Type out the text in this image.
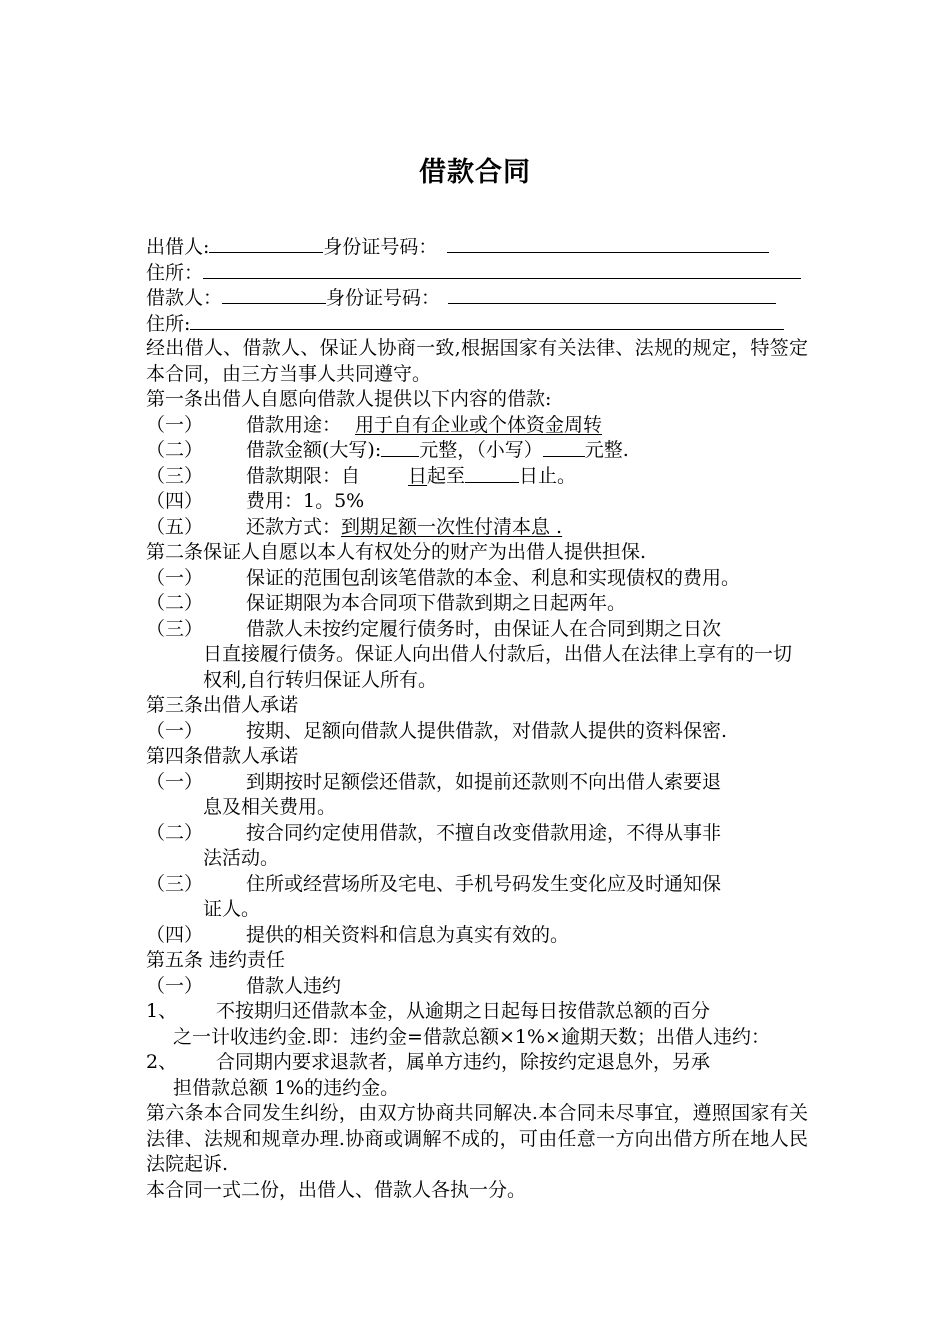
借款合同
出借人:	身份证号码：
住所：
借款人：	身份证号码：
住所:
经出借人、借款人、保证人协商一致,根据国家有关法律、法规的规定，特签定本合同，由三方当事人共同遵守。
第一条出借人自愿向借款人提供以下内容的借款:
（一）	借款用途： 用于自有企业或个体资金周转
（二）	借款金额(大写): 元整，（小写） 元整.
（三）	借款期限：自	日 起至	日止。
（四）	费用：1。5%
（五）	还款方式： 到期足额一次性付清本息 .
第二条保证人自愿以本人有权处分的财产为出借人提供担保.
（一）	保证的范围包刮该笔借款的本金、利息和实现债权的费用。
（二）	保证期限为本合同项下借款到期之日起两年。
（三）	借款人未按约定履行债务时，由保证人在合同到期之日次
日直接履行债务。保证人向出借人付款后，出借人在法律上享有的一切权利,自行转归保证人所有。
第三条出借人承诺
（一）	按期、足额向借款人提供借款，对借款人提供的资料保密.
第四条借款人承诺
（一）	到期按时足额偿还借款，如提前还款则不向出借人索要退
息及相关费用。
（二）	按合同约定使用借款，不擅自改变借款用途，不得从事非
法活动。
（三）	住所或经营场所及宅电、手机号码发生变化应及时通知保
证人。
（四）	提供的相关资料和信息为真实有效的。
第五条 违约责任
（一）	借款人违约
1、	不按期归还借款本金，从逾期之日起每日按借款总额的百分
之一计收违约金.即：违约金=借款总额×1%×逾期天数；出借人违约：
2、	合同期内要求退款者，属单方违约，除按约定退息外，另承
担借款总额 1%的违约金。
第六条本合同发生纠纷，由双方协商共同解决.本合同未尽事宜，遵照国家有关法律、法规和规章办理.协商或调解不成的，可由任意一方向出借方所在地人民法院起诉.
本合同一式二份，出借人、借款人各执一分。
